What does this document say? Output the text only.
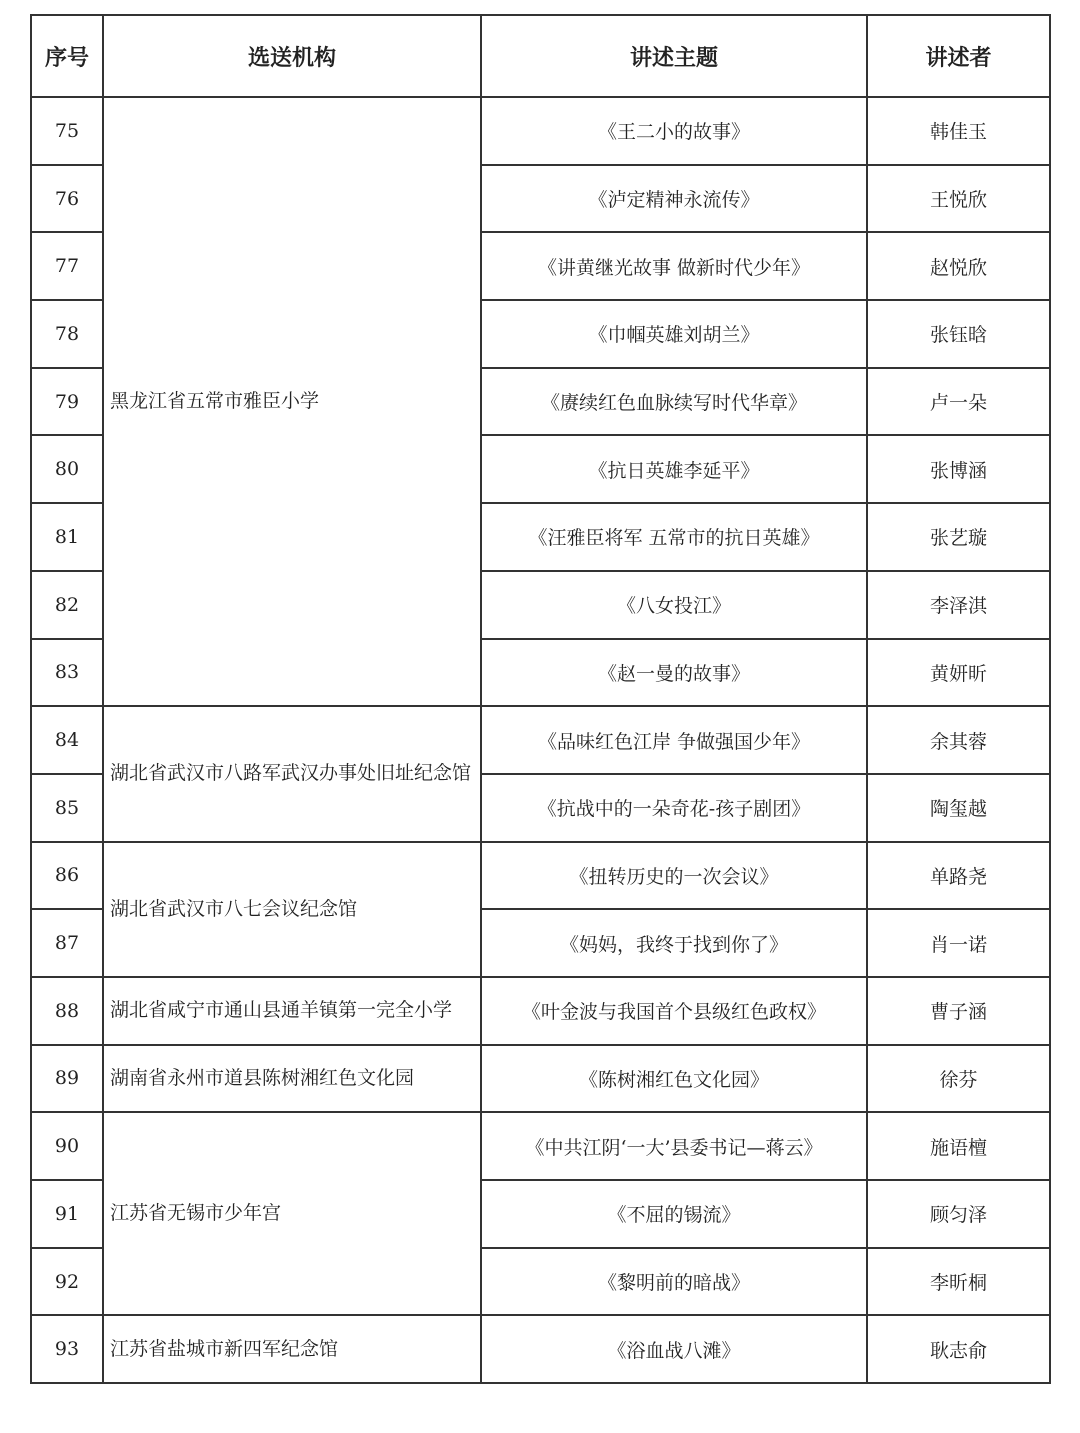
序号	选送机构	讲述主题	讲述者
75	黑龙江省五常市雅臣小学	《王二小的故事》	韩佳玉
76		《泸定精神永流传》	王悦欣
77		《讲黄继光故事 做新时代少年》	赵悦欣
78		《巾帼英雄刘胡兰》	张钰晗
79		《赓续红色血脉续写时代华章》	卢一朵
80		《抗日英雄李延平》	张博涵
81		《汪雅臣将军 五常市的抗日英雄》	张艺璇
82		《八女投江》	李泽淇
83		《赵一曼的故事》	黄妍昕
84	湖北省武汉市八路军武汉办事处旧址纪念馆	《品味红色江岸 争做强国少年》	余其蓉
85		《抗战中的一朵奇花-孩子剧团》	陶玺越
86	湖北省武汉市八七会议纪念馆	《扭转历史的一次会议》	单路尧
87		《妈妈，我终于找到你了》	肖一诺
88	湖北省咸宁市通山县通羊镇第一完全小学	《叶金波与我国首个县级红色政权》	曹子涵
89	湖南省永州市道县陈树湘红色文化园	《陈树湘红色文化园》	徐芬
90	江苏省无锡市少年宫	《中共江阴‘一大’县委书记—蒋云》	施语檀
91		《不屈的锡流》	顾匀泽
92		《黎明前的暗战》	李昕桐
93	江苏省盐城市新四军纪念馆	《浴血战八滩》	耿志俞
